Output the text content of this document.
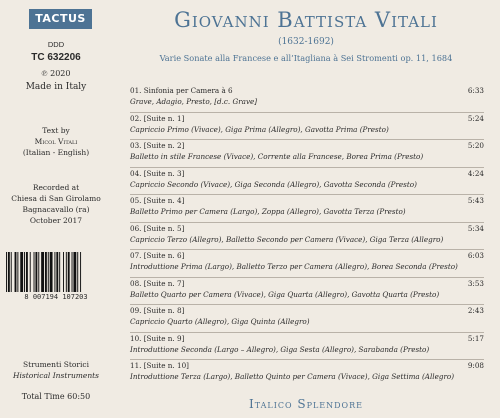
TACTUS
DDD
TC 632206
℗ 2020
Made in Italy
Text by
Micol Vitali
(Italian - English)
Recorded at
Chiesa di San Girolamo
Bagnacavallo (ra)
October 2017
8 007194 107203
Strumenti Storici
Historical Instruments
Total Time 60:50
Giovanni Battista Vitali
(1632-1692)
Varie Sonate alla Francese e all’Itagliana à Sei Stromenti op. 11, 1684
01. Sinfonia per Camera à 6
Grave, Adagio, Presto, [d.c. Grave]
6:33
02. [Suite n. 1]
Capriccio Primo (Vivace), Giga Prima (Allegro), Gavotta Prima (Presto)
5:24
03. [Suite n. 2]
Balletto in stile Francese (Vivace), Corrente alla Francese, Borea Prima (Presto)
5:20
04. [Suite n. 3]
Capriccio Secondo (Vivace), Giga Seconda (Allegro), Gavotta Seconda (Presto)
4:24
05. [Suite n. 4]
Balletto Primo per Camera (Largo), Zoppa (Allegro), Gavotta Terza (Presto)
5:43
06. [Suite n. 5]
Capriccio Terzo (Allegro), Balletto Secondo per Camera (Vivace), Giga Terza (Allegro)
5:34
07. [Suite n. 6]
Introduttione Prima (Largo), Balletto Terzo per Camera (Allegro), Borea Seconda (Presto)
6:03
08. [Suite n. 7]
Balletto Quarto per Camera (Vivace), Giga Quarta (Allegro), Gavotta Quarta (Presto)
3:53
09. [Suite n. 8]
Capriccio Quarto (Allegro), Giga Quinta (Allegro)
2:43
10. [Suite n. 9]
Introduttione Seconda (Largo – Allegro), Giga Sesta (Allegro), Sarabanda (Presto)
5:17
11. [Suite n. 10]
Introduttione Terza (Largo), Balletto Quinto per Camera (Vivace), Giga Settima (Allegro)
9:08
Italico Splendore
